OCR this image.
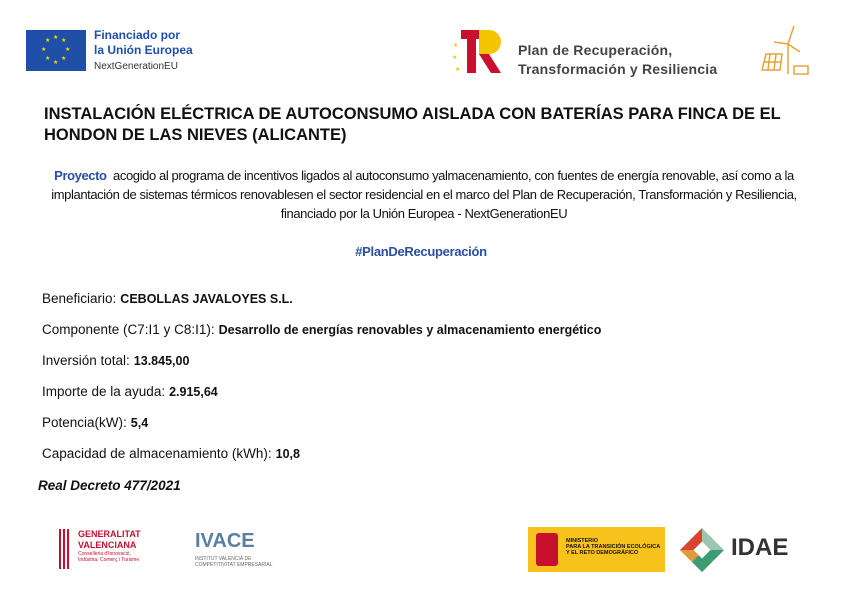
★ ★
★
★
★
★
★
★	Financiado por
la Unión Europea
NextGenerationEU
★
★
★
Plan de Recuperación,
Transformación y Resiliencia
INSTALACIÓN ELÉCTRICA DE AUTOCONSUMO AISLADA CON BATERÍAS PARA FINCA DE EL HONDON DE LAS NIEVES (ALICANTE)
Proyecto acogido al programa de incentivos ligados al autoconsumo yalmacenamiento, con fuentes de energía renovable, así como a la implantación de sistemas térmicos renovablesen el sector residencial en el marco del Plan de Recuperación, Transformación y Resiliencia, financiado por la Unión Europea - NextGenerationEU
#PlanDeRecuperación
Beneficiario: CEBOLLAS JAVALOYES S.L.
Componente (C7:I1 y C8:I1): Desarrollo de energías renovables y almacenamiento energético
Inversión total: 13.845,00
Importe de la ayuda: 2.915,64
Potencia(kW): 5,4
Capacidad de almacenamiento (kWh): 10,8
Real Decreto 477/2021
GENERALITAT
VALENCIANA
Conselleria d'Innovació,
Indústria, Comerç i Turisme
IVACE
INSTITUT VALENCIÀ DE
COMPETITIVITAT EMPRESARIAL
MINISTERIO
PARA LA TRANSICIÓN ECOLÓGICA
Y EL RETO DEMOGRÁFICO	IDAE
